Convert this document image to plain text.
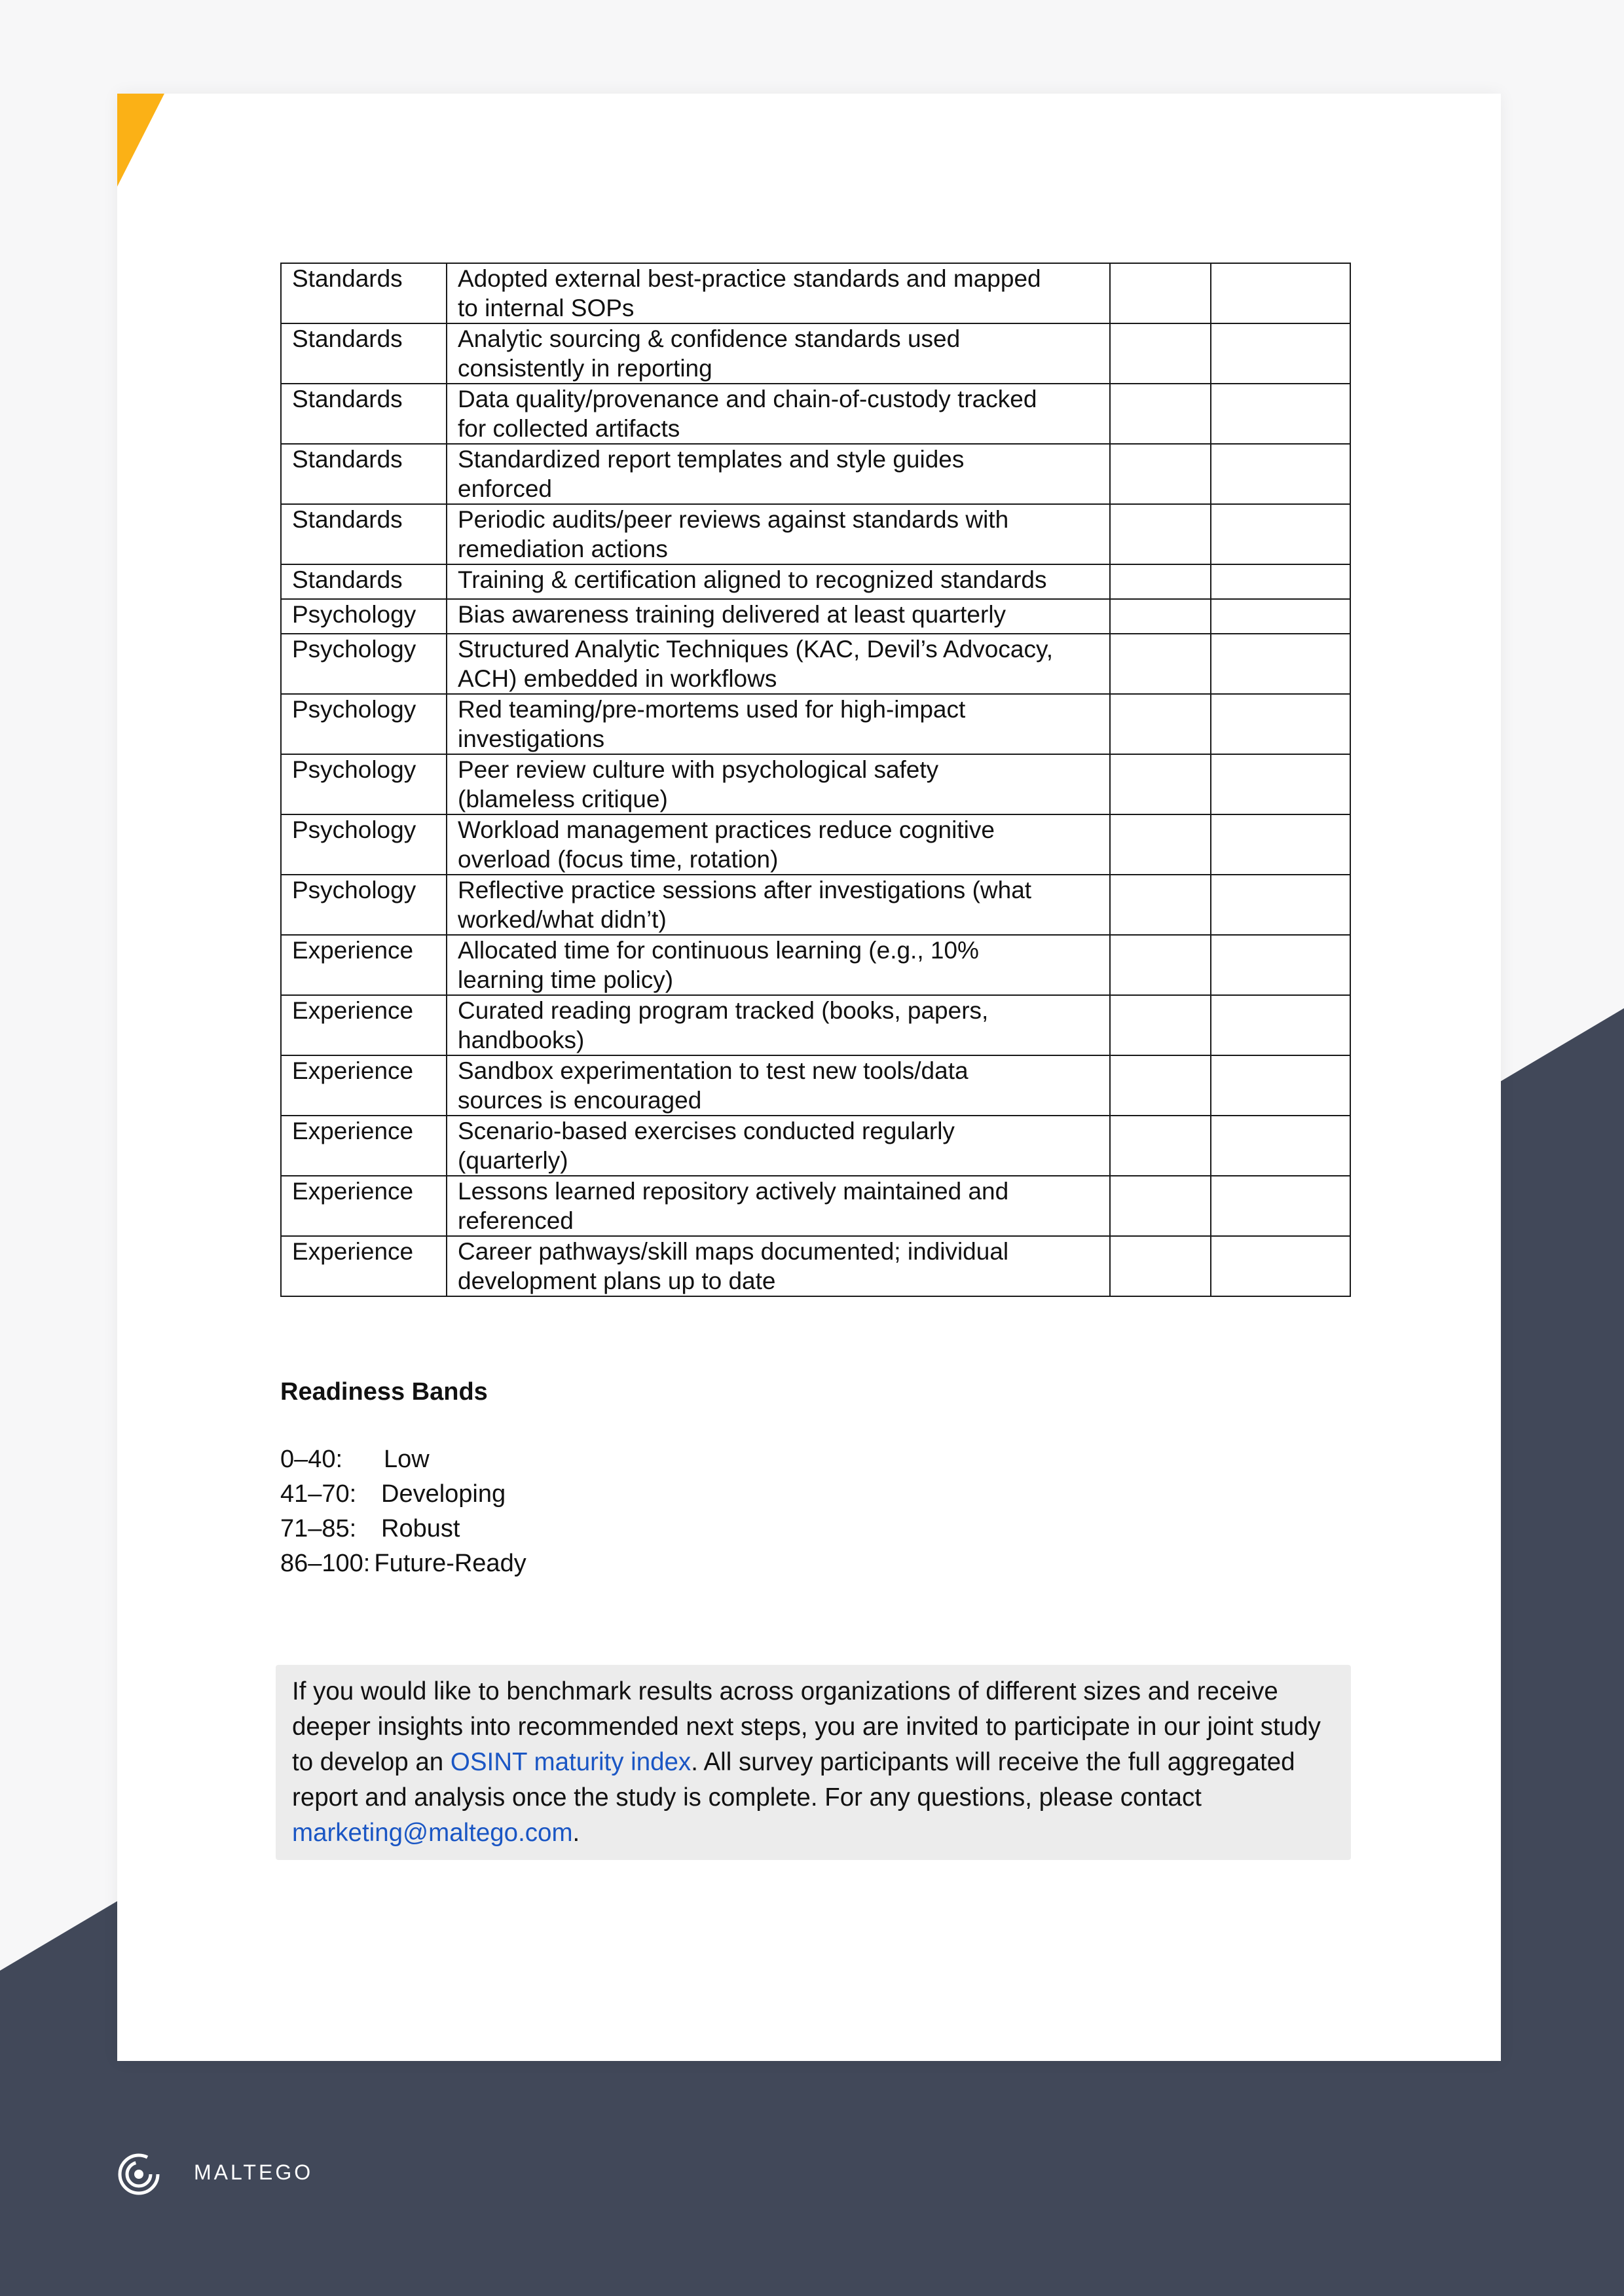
Standards	Adopted external best-practice standards and mapped
to internal SOPs		

Standards	Analytic sourcing & confidence standards used
consistently in reporting		

Standards	Data quality/provenance and chain-of-custody tracked
for collected artifacts		

Standards	Standardized report templates and style guides
enforced		

Standards	Periodic audits/peer reviews against standards with
remediation actions		

Standards	Training & certification aligned to recognized standards		

Psychology	Bias awareness training delivered at least quarterly		

Psychology	Structured Analytic Techniques (KAC, Devil’s Advocacy,
ACH) embedded in workflows		

Psychology	Red teaming/pre-mortems used for high-impact
investigations		

Psychology	Peer review culture with psychological safety
(blameless critique)		

Psychology	Workload management practices reduce cognitive
overload (focus time, rotation)		

Psychology	Reflective practice sessions after investigations (what
worked/what didn’t)		

Experience	Allocated time for continuous learning (e.g., 10%
learning time policy)		

Experience	Curated reading program tracked (books, papers,
handbooks)		

Experience	Sandbox experimentation to test new tools/data
sources is encouraged		

Experience	Scenario-based exercises conducted regularly
(quarterly)		

Experience	Lessons learned repository actively maintained and
referenced		

Experience	Career pathways/skill maps documented; individual
development plans up to date		

Readiness Bands
0–40: Low
41–70: Developing
71–85: Robust
86–100: Future-Ready
If you would like to benchmark results across organizations of different sizes and receive deeper insights into recommended next steps, you are invited to participate in our joint study to develop an OSINT maturity index. All survey participants will receive the full aggregated report and analysis once the study is complete. For any questions, please contact marketing@maltego.com.

MALTEGO
